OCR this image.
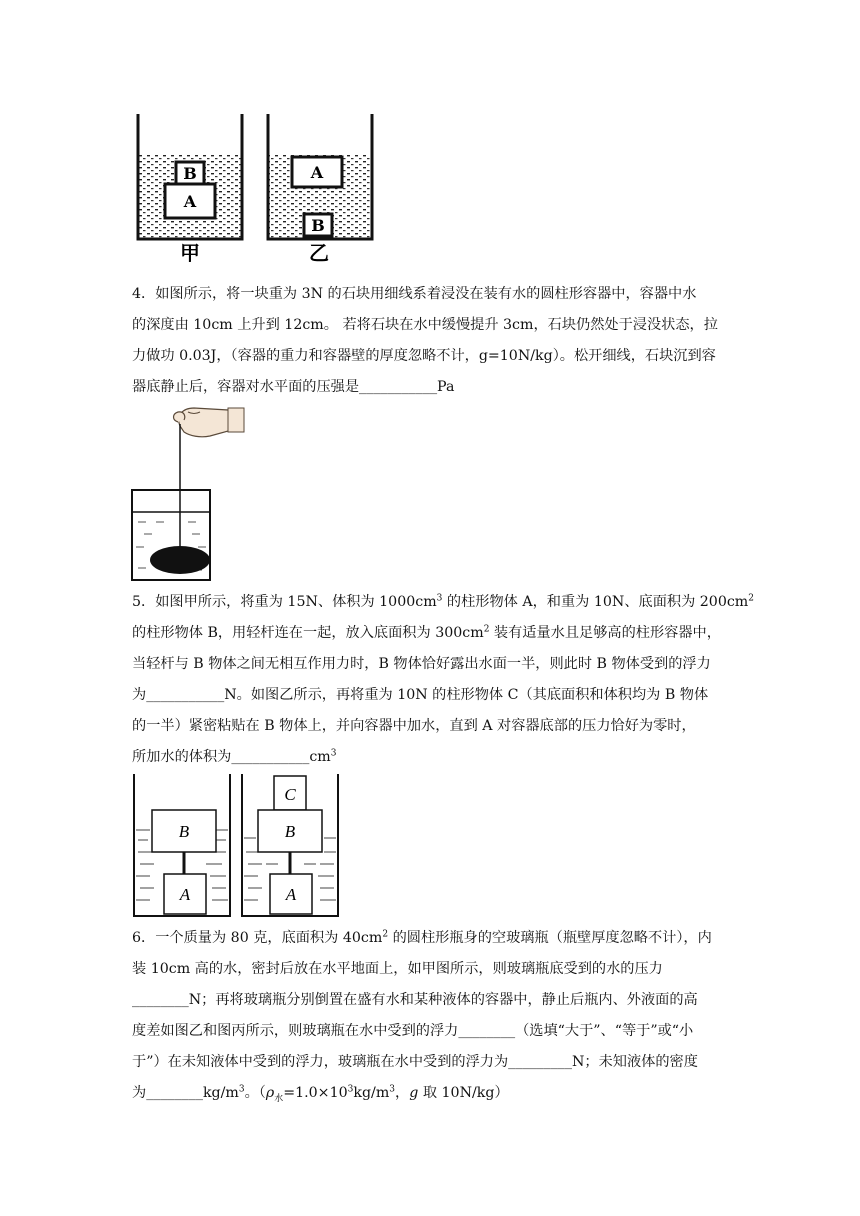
B
A
A
B
甲	乙
4．如图所示，将一块重为 3N 的石块用细线系着浸没在装有水的圆柱形容器中，容器中水
的深度由 10cm 上升到 12cm。 若将石块在水中缓慢提升 3cm，石块仍然处于浸没状态，拉
力做功 0.03J，（容器的重力和容器壁的厚度忽略不计，g=10N/kg）。松开细线，石块沉到容
器底静止后，容器对水平面的压强是___________Pa
5．如图甲所示，将重为 15N、体积为 $1000cm^3$ 的柱形物体 A，和重为 10N、底面积为 $200cm^2$
的柱形物体 B，用轻杆连在一起，放入底面积为 $300cm^2$ 装有适量水且足够高的柱形容器中，
当轻杆与 B 物体之间无相互作用力时，B 物体恰好露出水面一半，则此时 B 物体受到的浮力
为___________N。如图乙所示，再将重为 10N 的柱形物体 C（其底面积和体积均为 B 物体
的一半）紧密粘贴在 B 物体上，并向容器中加水，直到 A 对容器底部的压力恰好为零时，
所加水的体积为$\_\_\_\_\_\_\_\_\_\_\_cm^3$
B
A
C
B
A
6．一个质量为 80 克，底面积为 $40cm^2$ 的圆柱形瓶身的空玻璃瓶（瓶壁厚度忽略不计），内
装 10cm 高的水，密封后放在水平地面上，如甲图所示，则玻璃瓶底受到的水的压力
________N；再将玻璃瓶分别倒置在盛有水和某种液体的容器中，静止后瓶内、外液面的高
度差如图乙和图丙所示，则玻璃瓶在水中受到的浮力________（选填“大于”、“等于”或“小
于”）在未知液体中受到的浮力，玻璃瓶在水中受到的浮力为_________N；未知液体的密度
为$\_\_\_\_\_\_\_\_kg/m^3$。（$\rho_水=1.0\times 10^3kg/m^3$，g 取 10N/kg）
